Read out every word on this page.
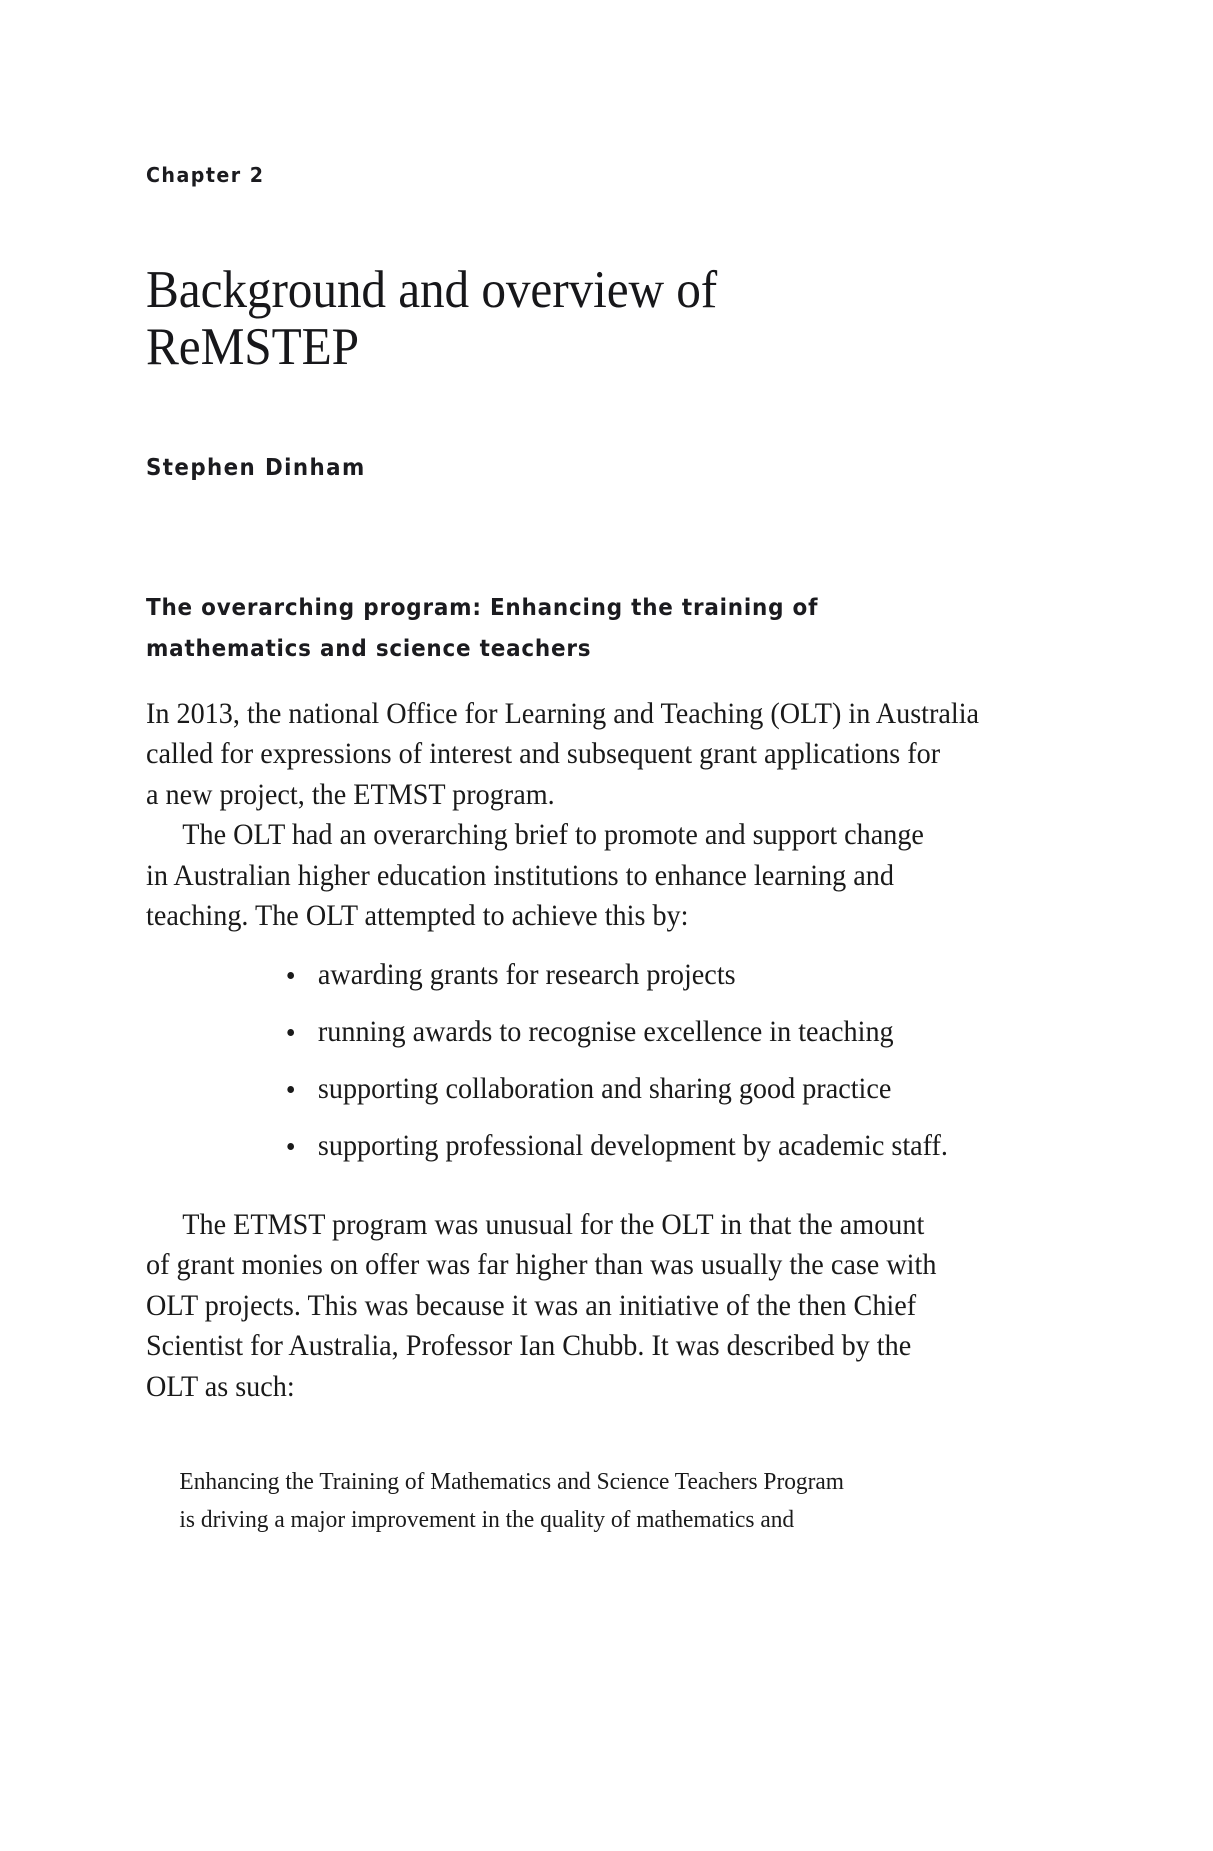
Chapter 2
Background and overview of
ReMSTEP
Stephen Dinham
The overarching program: Enhancing the training of
mathematics and science teachers

In 2013, the national Office for Learning and Teaching (OLT) in Australia
called for expressions of interest and subsequent grant applications for
a new project, the ETMST program.

The OLT had an overarching brief to promote and support change
in Australian higher education institutions to enhance learning and
teaching. The OLT attempted to achieve this by:

awarding grants for research projects
running awards to recognise excellence in teaching
supporting collaboration and sharing good practice
supporting professional development by academic staff.

The ETMST program was unusual for the OLT in that the amount
of grant monies on offer was far higher than was usually the case with
OLT projects. This was because it was an initiative of the then Chief
Scientist for Australia, Professor Ian Chubb. It was described by the
OLT as such:

Enhancing the Training of Mathematics and Science Teachers Program
is driving a major improvement in the quality of mathematics and
